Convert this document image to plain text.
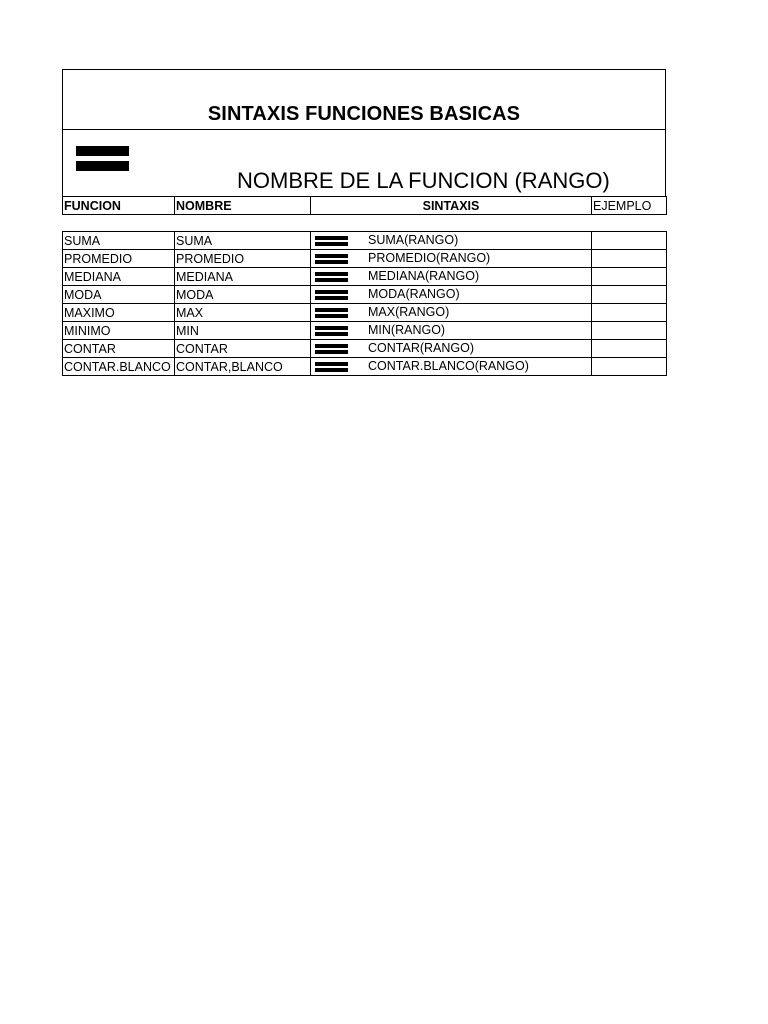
SINTAXIS FUNCIONES BASICAS
NOMBRE DE LA FUNCION (RANGO)
FUNCION	NOMBRE	SINTAXIS	EJEMPLO
SUMA	SUMA	SUMA(RANGO)	

PROMEDIO	PROMEDIO	PROMEDIO(RANGO)	

MEDIANA	MEDIANA	MEDIANA(RANGO)	

MODA	MODA	MODA(RANGO)	

MAXIMO	MAX	MAX(RANGO)	

MINIMO	MIN	MIN(RANGO)	

CONTAR	CONTAR	CONTAR(RANGO)	

CONTAR.BLANCO	CONTAR,BLANCO	CONTAR.BLANCO(RANGO)	
